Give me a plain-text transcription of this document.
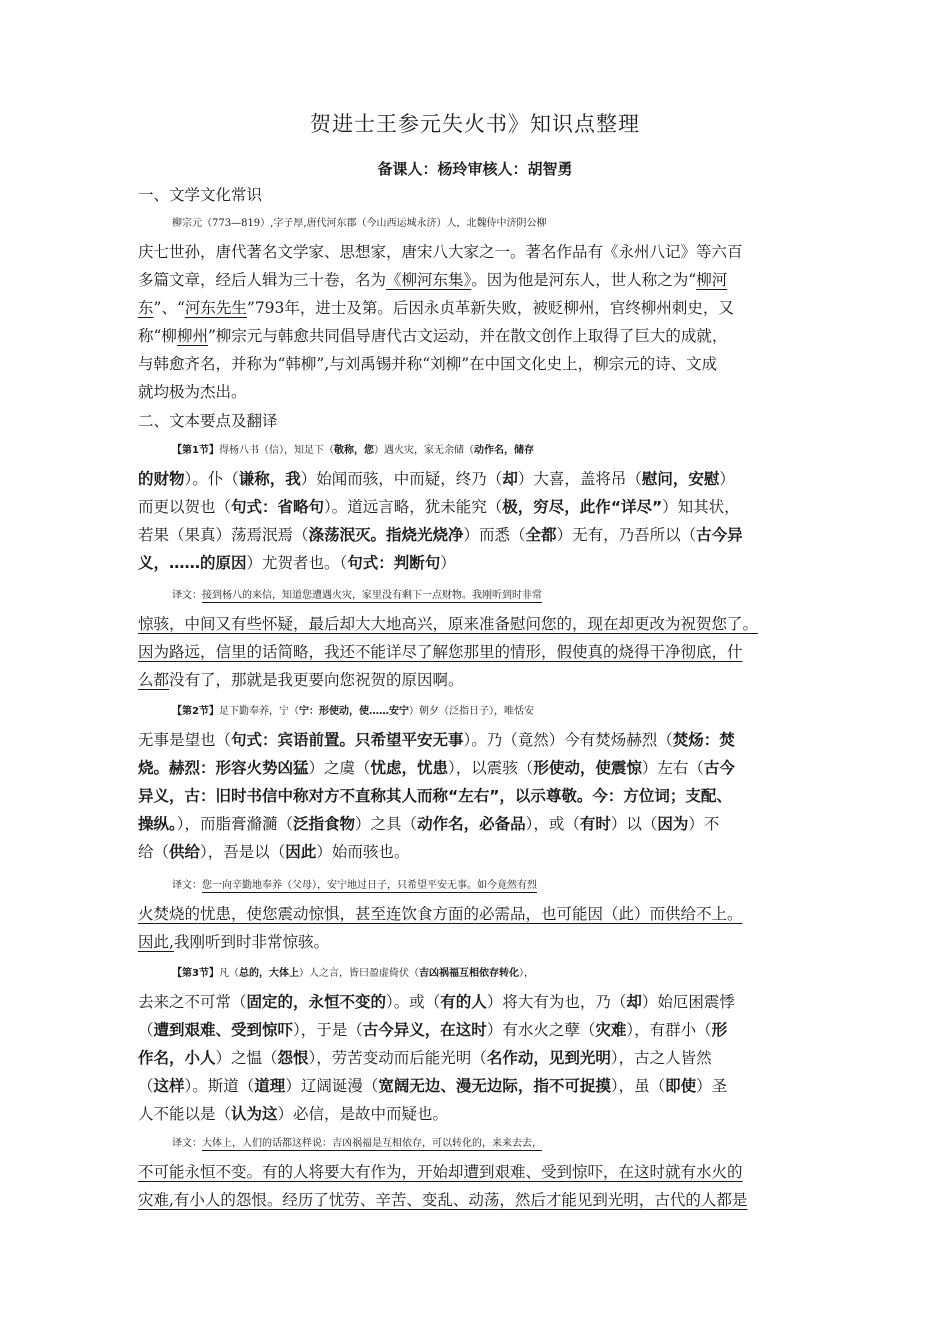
贺进士王参元失火书》知识点整理
备课人：杨玲审核人：胡智勇
一、文学文化常识
柳宗元（773—819）,字子厚,唐代河东郡（今山西运城永济）人，北魏侍中济阴公柳
庆七世孙，唐代著名文学家、思想家，唐宋八大家之一。著名作品有《永州八记》等六百
多篇文章，经后人辑为三十卷，名为《柳河东集》。因为他是河东人，世人称之为“柳河
东”、“河东先生”793年，进士及第。后因永贞革新失败，被贬柳州，官终柳州刺史，又
称“柳柳州”柳宗元与韩愈共同倡导唐代古文运动，并在散文创作上取得了巨大的成就，
与韩愈齐名，并称为“韩柳”,与刘禹锡并称“刘柳”在中国文化史上，柳宗元的诗、文成
就均极为杰出。
二、文本要点及翻译
【第1节】得杨八书（信），知足下（敬称，您）遇火灾，家无余储（动作名，储存
的财物）。仆（谦称，我）始闻而骇，中而疑，终乃（却）大喜，盖将吊（慰问，安慰）
而更以贺也（句式：省略句）。道远言略，犹未能究（极，穷尽，此作“详尽”）知其状，
若果（果真）荡焉泯焉（涤荡泯灭。指烧光烧净）而悉（全都）无有，乃吾所以（古今异
义，……的原因）尤贺者也。（句式：判断句）
译文：接到杨八的来信，知道您遭遇火灾，家里没有剩下一点财物。我刚听到时非常
惊骇，中间又有些怀疑，最后却大大地高兴，原来准备慰问您的，现在却更改为祝贺您了。
因为路远，信里的话简略，我还不能详尽了解您那里的情形，假使真的烧得干净彻底，什
么都没有了，那就是我更要向您祝贺的原因啊。
【第2节】足下勤奉养，宁（宁：形使动，使……安宁）朝夕（泛指日子），唯恬安
无事是望也（句式：宾语前置。只希望平安无事）。乃（竟然）今有焚炀赫烈（焚炀：焚
烧。赫烈：形容火势凶猛）之虞（忧虑，忧患），以震骇（形使动，使震惊）左右（古今
异义，古：旧时书信中称对方不直称其人而称“左右”，以示尊敬。今：方位词；支配、
操纵。），而脂膏滫瀡（泛指食物）之具（动作名，必备品），或（有时）以（因为）不
给（供给），吾是以（因此）始而骇也。
译文：您一向辛勤地奉养（父母），安宁地过日子，只希望平安无事。如今竟然有烈
火焚烧的忧患，使您震动惊惧，甚至连饮食方面的必需品，也可能因（此）而供给不上。
因此,我刚听到时非常惊骇。
【第3节】凡（总的，大体上）人之言，皆曰盈虚倚伏（吉凶祸福互相依存转化），
去来之不可常（固定的，永恒不变的）。或（有的人）将大有为也，乃（却）始厄困震悸
（遭到艰难、受到惊吓），于是（古今异义，在这时）有水火之孽（灾难），有群小（形
作名，小人）之愠（怨恨），劳苦变动而后能光明（名作动，见到光明），古之人皆然
（这样）。斯道（道理）辽阔诞漫（宽阔无边、漫无边际，指不可捉摸），虽（即使）圣
人不能以是（认为这）必信，是故中而疑也。
译文：大体上，人们的话都这样说：吉凶祸福是互相依存，可以转化的，来来去去，
不可能永恒不变。有的人将要大有作为，开始却遭到艰难、受到惊吓，在这时就有水火的
灾难,有小人的怨恨。经历了忧劳、辛苦、变乱、动荡，然后才能见到光明，古代的人都是
